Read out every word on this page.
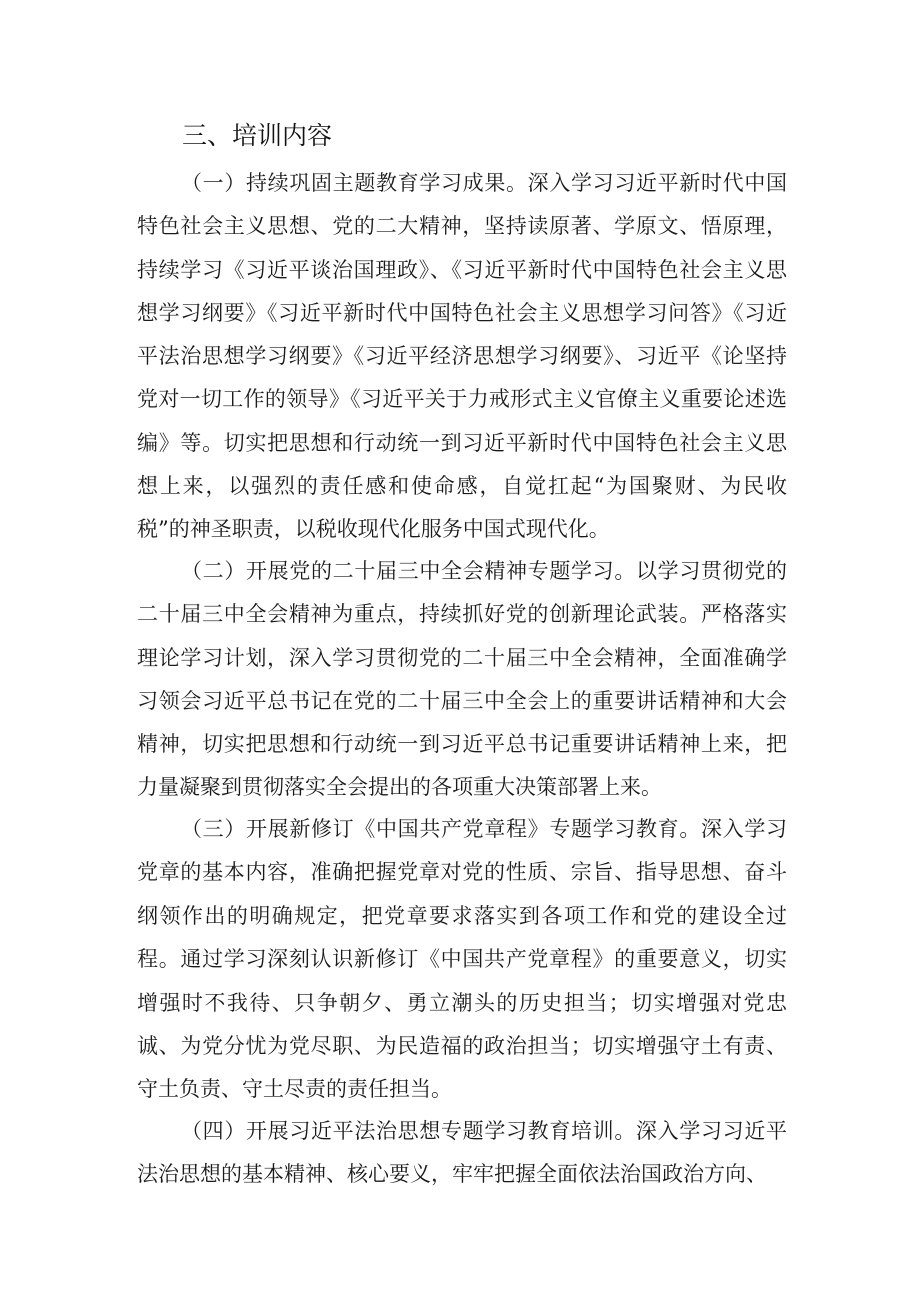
三、培训内容
（一）持续巩固主题教育学习成果。深入学习习近平新时代中国特色社会主义思想、党的二大精神，坚持读原著、学原文、悟原理，持续学习《习近平谈治国理政》、《习近平新时代中国特色社会主义思想学习纲要》《习近平新时代中国特色社会主义思想学习问答》《习近平法治思想学习纲要》《习近平经济思想学习纲要》、习近平《论坚持党对一切工作的领导》《习近平关于力戒形式主义官僚主义重要论述选编》等。切实把思想和行动统一到习近平新时代中国特色社会主义思想上来，以强烈的责任感和使命感，自觉扛起“为国聚财、为民收税”的神圣职责，以税收现代化服务中国式现代化。
（二）开展党的二十届三中全会精神专题学习。以学习贯彻党的二十届三中全会精神为重点，持续抓好党的创新理论武装。严格落实理论学习计划，深入学习贯彻党的二十届三中全会精神，全面准确学习领会习近平总书记在党的二十届三中全会上的重要讲话精神和大会精神，切实把思想和行动统一到习近平总书记重要讲话精神上来，把力量凝聚到贯彻落实全会提出的各项重大决策部署上来。
（三）开展新修订《中国共产党章程》专题学习教育。深入学习党章的基本内容，准确把握党章对党的性质、宗旨、指导思想、奋斗纲领作出的明确规定，把党章要求落实到各项工作和党的建设全过程。通过学习深刻认识新修订《中国共产党章程》的重要意义，切实增强时不我待、只争朝夕、勇立潮头的历史担当；切实增强对党忠诚、为党分忧为党尽职、为民造福的政治担当；切实增强守土有责、守土负责、守土尽责的责任担当。
（四）开展习近平法治思想专题学习教育培训。深入学习习近平法治思想的基本精神、核心要义，牢牢把握全面依法治国政治方向、
